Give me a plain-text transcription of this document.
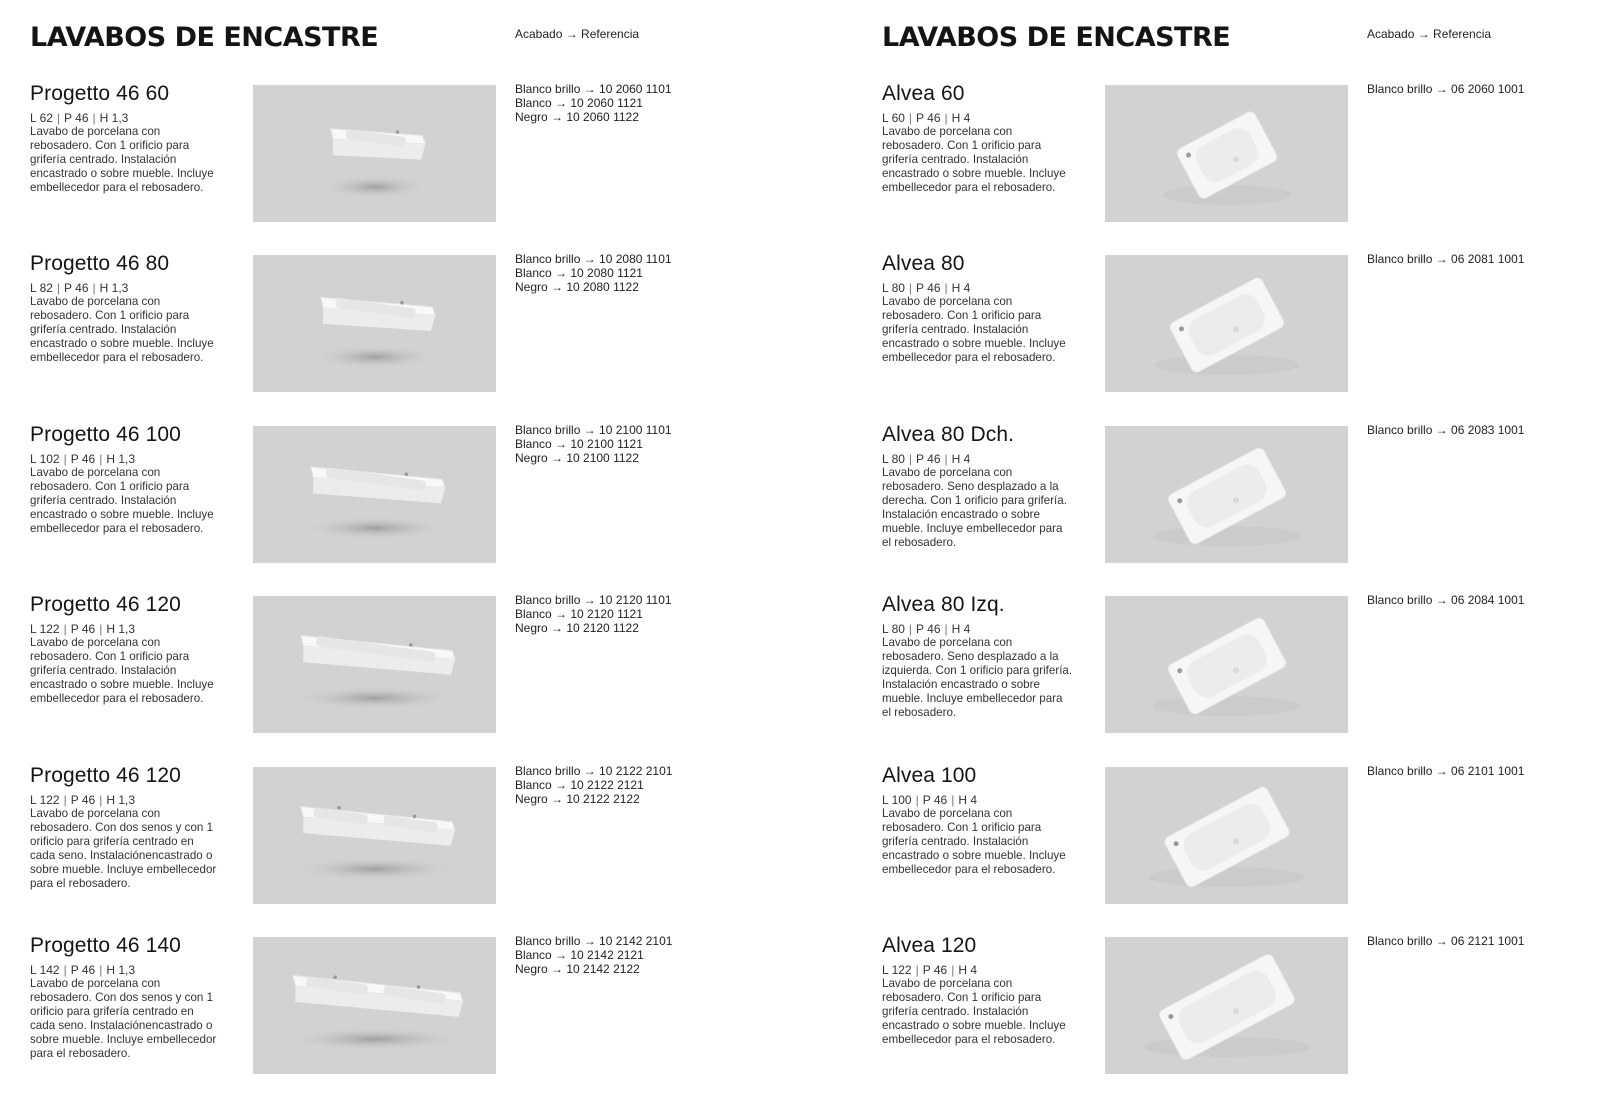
LAVABOS DE ENCASTRE	Acabado → Referencia
Progetto 46 60
L 62 | P 46 | H 1,3
Lavabo de porcelana con rebosadero. Con 1 orificio para grifería centrado. Instalación encastrado o sobre mueble. Incluye embellecedor para el rebosadero.
Blanco brillo → 10 2060 1101
Blanco → 10 2060 1121
Negro → 10 2060 1122
Progetto 46 80
L 82 | P 46 | H 1,3
Lavabo de porcelana con rebosadero. Con 1 orificio para grifería centrado. Instalación encastrado o sobre mueble. Incluye embellecedor para el rebosadero.
Blanco brillo → 10 2080 1101
Blanco → 10 2080 1121
Negro → 10 2080 1122
Progetto 46 100
L 102 | P 46 | H 1,3
Lavabo de porcelana con rebosadero. Con 1 orificio para grifería centrado. Instalación encastrado o sobre mueble. Incluye embellecedor para el rebosadero.
Blanco brillo → 10 2100 1101
Blanco → 10 2100 1121
Negro → 10 2100 1122
Progetto 46 120
L 122 | P 46 | H 1,3
Lavabo de porcelana con rebosadero. Con 1 orificio para grifería centrado. Instalación encastrado o sobre mueble. Incluye embellecedor para el rebosadero.
Blanco brillo → 10 2120 1101
Blanco → 10 2120 1121
Negro → 10 2120 1122
Progetto 46 120
L 122 | P 46 | H 1,3
Lavabo de porcelana con rebosadero. Con dos senos y con 1 orificio para grifería centrado en cada seno. Instalaciónencastrado o sobre mueble. Incluye embellecedor para el rebosadero.
Blanco brillo → 10 2122 2101
Blanco → 10 2122 2121
Negro → 10 2122 2122
Progetto 46 140
L 142 | P 46 | H 1,3
Lavabo de porcelana con rebosadero. Con dos senos y con 1 orificio para grifería centrado en cada seno. Instalaciónencastrado o sobre mueble. Incluye embellecedor para el rebosadero.
Blanco brillo → 10 2142 2101
Blanco → 10 2142 2121
Negro → 10 2142 2122
LAVABOS DE ENCASTRE	Acabado → Referencia
Alvea 60
L 60 | P 46 | H 4
Lavabo de porcelana con rebosadero. Con 1 orificio para grifería centrado. Instalación encastrado o sobre mueble. Incluye embellecedor para el rebosadero.
Blanco brillo → 06 2060 1001
Alvea 80
L 80 | P 46 | H 4
Lavabo de porcelana con rebosadero. Con 1 orificio para grifería centrado. Instalación encastrado o sobre mueble. Incluye embellecedor para el rebosadero.
Blanco brillo → 06 2081 1001
Alvea 80 Dch.
L 80 | P 46 | H 4
Lavabo de porcelana con rebosadero. Seno desplazado a la derecha. Con 1 orificio para grifería. Instalación encastrado o sobre mueble. Incluye embellecedor para el rebosadero.
Blanco brillo → 06 2083 1001
Alvea 80 Izq.
L 80 | P 46 | H 4
Lavabo de porcelana con rebosadero. Seno desplazado a la izquierda. Con 1 orificio para grifería. Instalación encastrado o sobre mueble. Incluye embellecedor para el rebosadero.
Blanco brillo → 06 2084 1001
Alvea 100
L 100 | P 46 | H 4
Lavabo de porcelana con rebosadero. Con 1 orificio para grifería centrado. Instalación encastrado o sobre mueble. Incluye embellecedor para el rebosadero.
Blanco brillo → 06 2101 1001
Alvea 120
L 122 | P 46 | H 4
Lavabo de porcelana con rebosadero. Con 1 orificio para grifería centrado. Instalación encastrado o sobre mueble. Incluye embellecedor para el rebosadero.
Blanco brillo → 06 2121 1001
